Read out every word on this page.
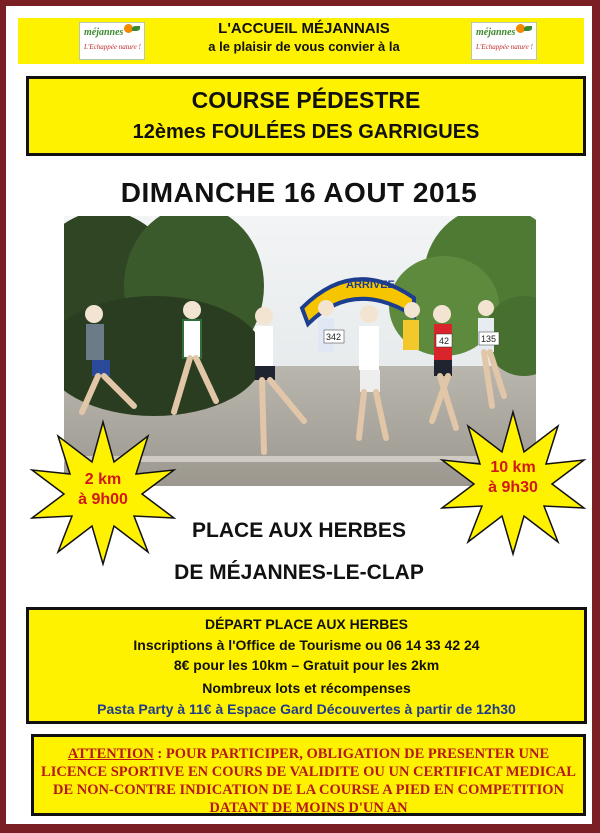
méjannes
L'Echappée nature !
méjannes
L'Echappée nature !
L'ACCUEIL MÉJANNAIS
a le plaisir de vous convier à la
COURSE PÉDESTRE
12èmes FOULÉES DES GARRIGUES
DIMANCHE 16 AOUT 2015
ARRIVEE
342	42	135
2 km
à 9h00
10 km
à 9h30
PLACE AUX HERBES
DE MÉJANNES-LE-CLAP
DÉPART PLACE AUX HERBES
Inscriptions à l'Office de Tourisme ou 06 14 33 42 24
8€ pour les 10km – Gratuit pour les 2km
Nombreux lots et récompenses
Pasta Party à 11€ à Espace Gard Découvertes à partir de 12h30
ATTENTION : POUR PARTICIPER, OBLIGATION DE PRESENTER UNE LICENCE SPORTIVE EN COURS DE VALIDITE OU UN CERTIFICAT MEDICAL DE NON-CONTRE INDICATION DE LA COURSE A PIED EN COMPETITION DATANT DE MOINS D'UN AN
